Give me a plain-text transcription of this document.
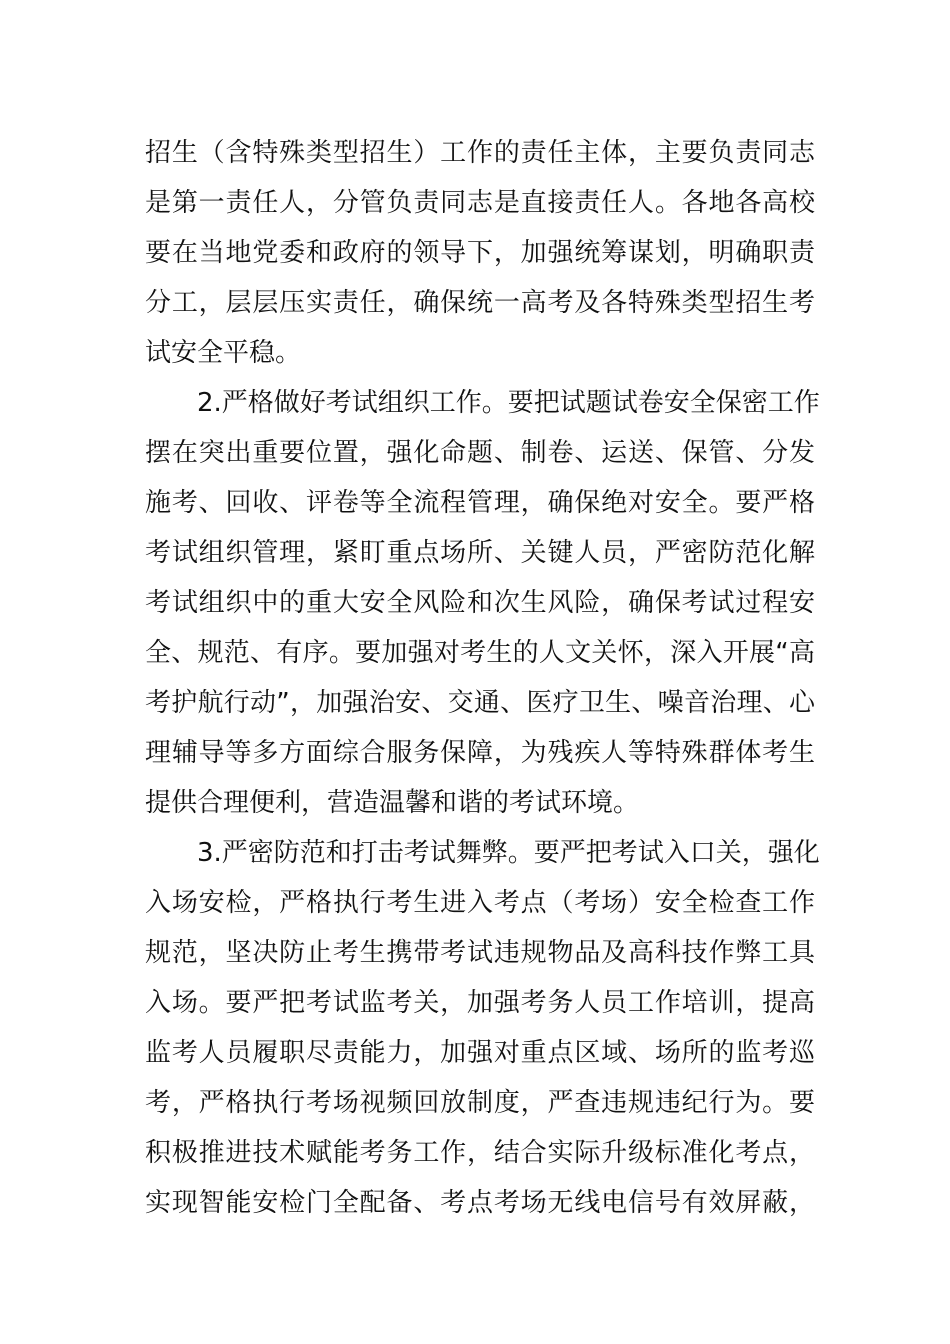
招生（含特殊类型招生）工作的责任主体，主要负责同志
是第一责任人，分管负责同志是直接责任人。各地各高校
要在当地党委和政府的领导下，加强统筹谋划，明确职责
分工，层层压实责任，确保统一高考及各特殊类型招生考
试安全平稳。
2.严格做好考试组织工作。要把试题试卷安全保密工作
摆在突出重要位置，强化命题、制卷、运送、保管、分发
施考、回收、评卷等全流程管理，确保绝对安全。要严格
考试组织管理，紧盯重点场所、关键人员，严密防范化解
考试组织中的重大安全风险和次生风险，确保考试过程安
全、规范、有序。要加强对考生的人文关怀，深入开展“高
考护航行动”，加强治安、交通、医疗卫生、噪音治理、心
理辅导等多方面综合服务保障，为残疾人等特殊群体考生
提供合理便利，营造温馨和谐的考试环境。
3.严密防范和打击考试舞弊。要严把考试入口关，强化
入场安检，严格执行考生进入考点（考场）安全检查工作
规范，坚决防止考生携带考试违规物品及高科技作弊工具
入场。要严把考试监考关，加强考务人员工作培训，提高
监考人员履职尽责能力，加强对重点区域、场所的监考巡
考，严格执行考场视频回放制度，严查违规违纪行为。要
积极推进技术赋能考务工作，结合实际升级标准化考点，
实现智能安检门全配备、考点考场无线电信号有效屏蔽，
